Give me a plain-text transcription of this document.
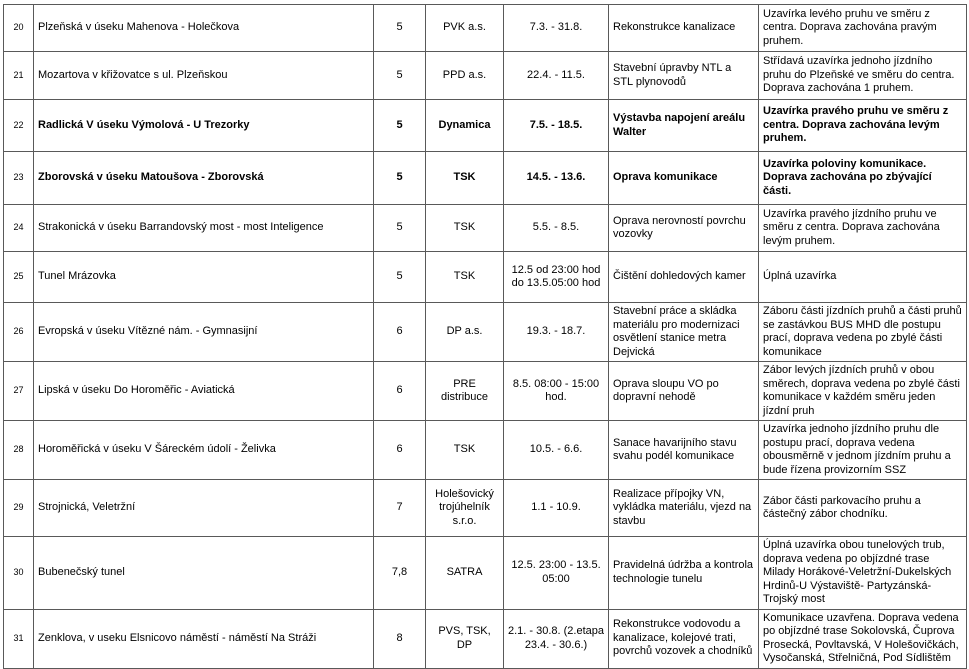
20	Plzeňská v úseku Mahenova - Holečkova	5	PVK a.s.	7.3. - 31.8.	Rekonstrukce kanalizace	Uzavírka levého pruhu ve směru z centra. Doprava zachována pravým pruhem.
21	Mozartova v křižovatce s ul. Plzeňskou	5	PPD a.s.	22.4. - 11.5.	Stavební úpravby NTL a STL plynovodů	Střídavá uzavírka jednoho jízdního pruhu do Plzeňské ve směru do centra. Doprava zachována 1 pruhem.
22	Radlická V úseku Výmolová - U Trezorky	5	Dynamica	7.5. - 18.5.	Výstavba napojení areálu Walter	Uzavírka pravého pruhu ve směru z centra. Doprava zachována levým pruhem.
23	Zborovská v úseku Matoušova - Zborovská	5	TSK	14.5. - 13.6.	Oprava komunikace	Uzavírka poloviny komunikace. Doprava zachována po zbývající části.
24	Strakonická v úseku Barrandovský most - most Inteligence	5	TSK	5.5. - 8.5.	Oprava nerovností povrchu vozovky	Uzavírka pravého jízdního pruhu ve směru z centra. Doprava zachována levým pruhem.
25	Tunel Mrázovka	5	TSK	12.5 od 23:00 hod do 13.5.05:00 hod	Čištění dohledových kamer	Úplná uzavírka
26	Evropská v úseku Vítězné nám. - Gymnasijní	6	DP a.s.	19.3. - 18.7.	Stavební práce a skládka materiálu pro modernizaci osvětlení stanice metra Dejvická	Záboru části jízdních pruhů a části pruhů se zastávkou BUS MHD dle postupu prací, doprava vedena po zbylé části komunikace
27	Lipská v úseku Do Horoměřic - Aviatická	6	PRE distribuce	8.5. 08:00 - 15:00 hod.	Oprava sloupu VO po dopravní nehodě	Zábor levých jízdních pruhů v obou směrech, doprava vedena po zbylé části komunikace v každém směru jeden jízdní pruh
28	Horoměřická v úseku V Šáreckém údolí - Želivka	6	TSK	10.5. - 6.6.	Sanace havarijního stavu svahu podél komunikace	Uzavírka jednoho jízdního pruhu dle postupu prací, doprava vedena obousměrně v jednom jízdním pruhu a bude řízena provizorním SSZ
29	Strojnická, Veletržní	7	Holešovický trojúhelník s.r.o.	1.1 - 10.9.	Realizace přípojky VN, vykládka materiálu, vjezd na stavbu	Zábor části parkovacího pruhu a částečný zábor chodníku.
30	Bubenečský tunel	7,8	SATRA	12.5. 23:00 - 13.5. 05:00	Pravidelná údržba a kontrola technologie tunelu	Úplná uzavírka obou tunelových trub, doprava vedena po objízdné trase Milady Horákové-Veletržní-Dukelských Hrdinů-U Výstaviště- Partyzánská-Trojský most
31	Zenklova, v useku Elsnicovo náměstí - náměstí Na Stráži	8	PVS, TSK, DP	2.1. - 30.8. (2.etapa 23.4. - 30.6.)	Rekonstrukce vodovodu a kanalizace, kolejové trati, povrchů vozovek a chodníků	Komunikace uzavřena. Doprava vedena po objízdné trase Sokolovská, Čuprova Prosecká, Povltavská, V Holešovičkách, Vysočanská, Střelničná, Pod Sídlištěm
